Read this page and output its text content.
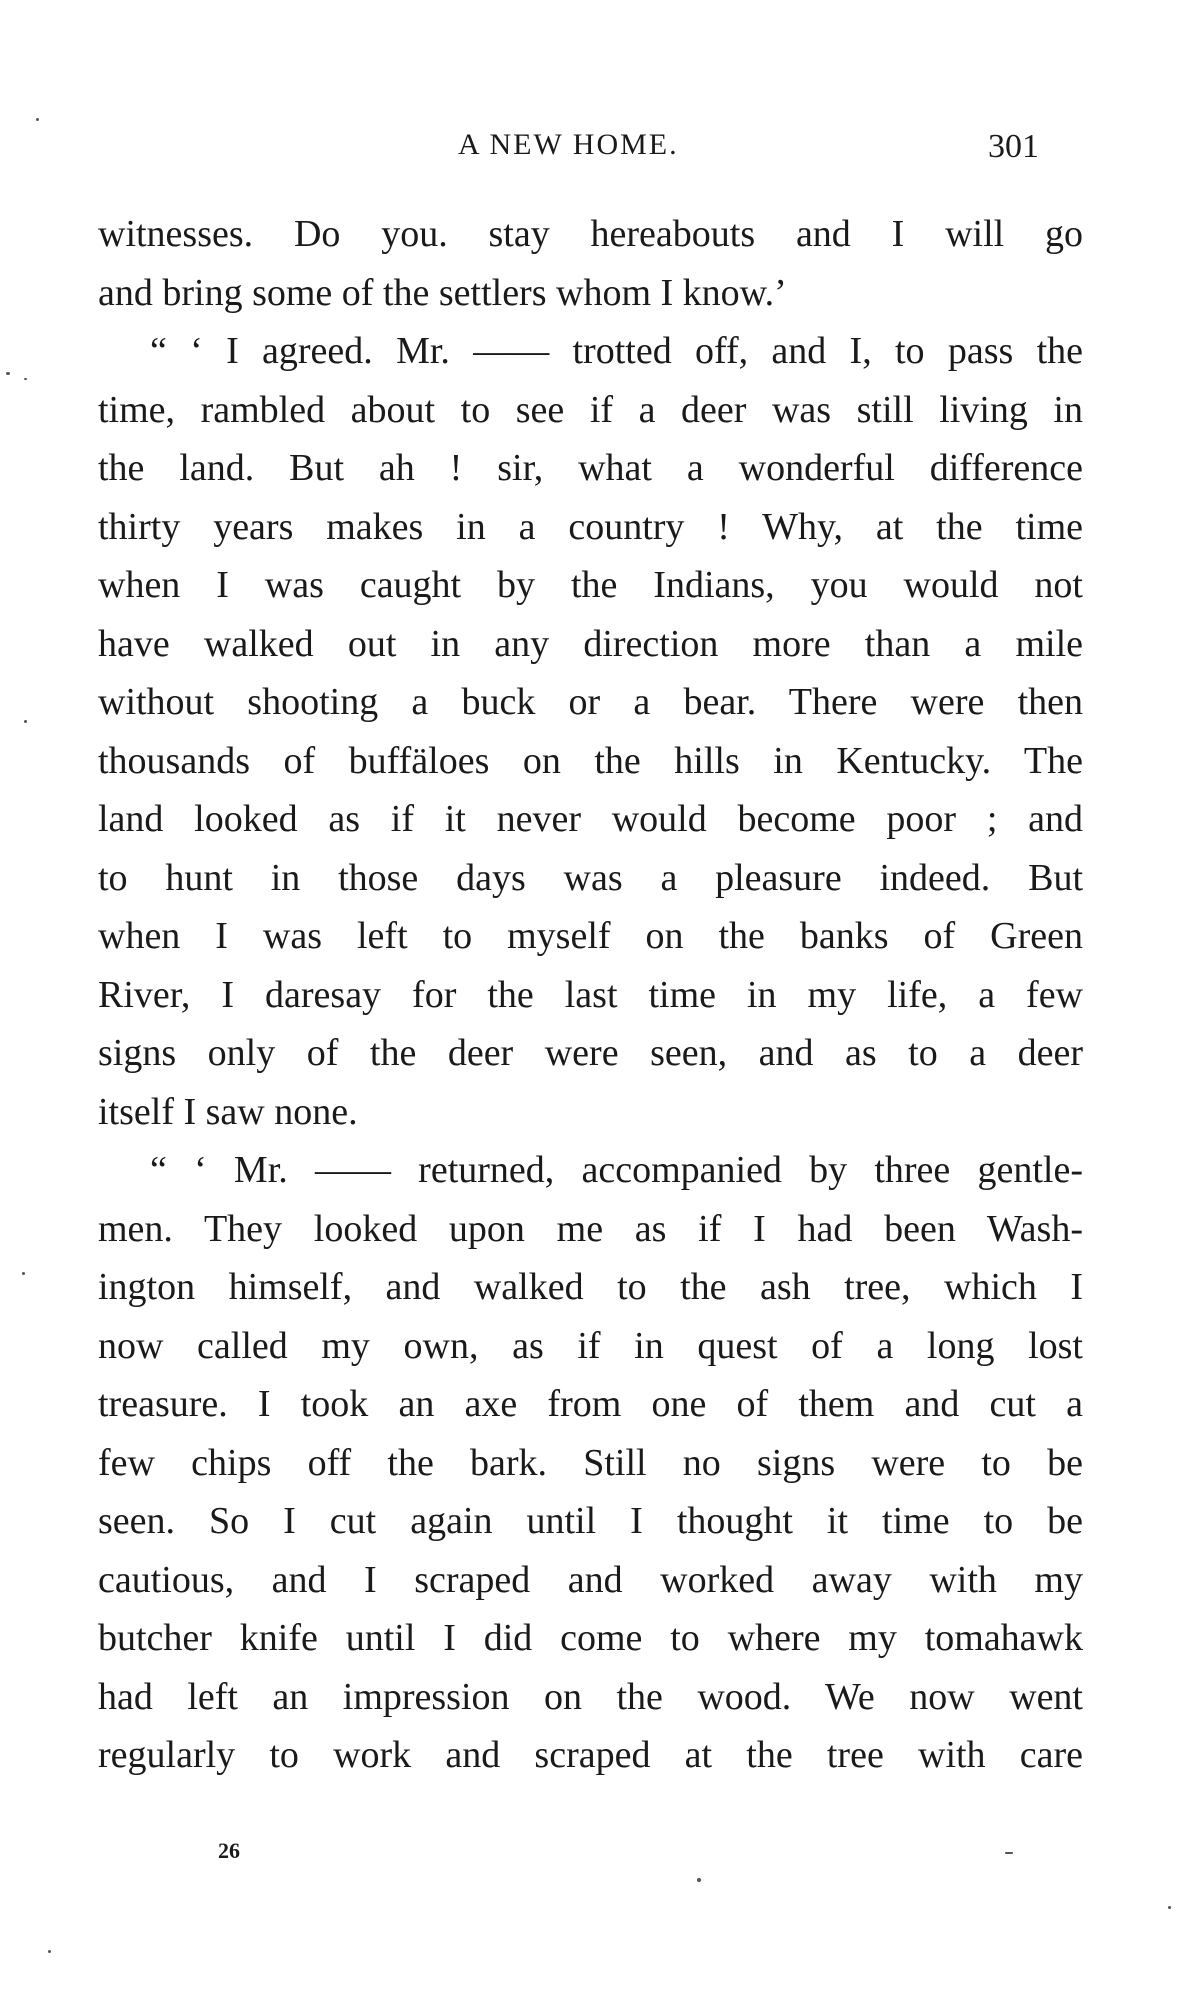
A NEW HOME.	301
witnesses. Do you. stay hereabouts and I will go
and bring some of the settlers whom I know.’
“ ‘ I agreed. Mr. —— trotted off, and I, to pass the
time, rambled about to see if a deer was still living in
the land. But ah ! sir, what a wonderful difference
thirty years makes in a country ! Why, at the time
when I was caught by the Indians, you would not
have walked out in any direction more than a mile
without shooting a buck or a bear. There were then
thousands of buffäloes on the hills in Kentucky. The
land looked as if it never would become poor ; and
to hunt in those days was a pleasure indeed. But
when I was left to myself on the banks of Green
River, I daresay for the last time in my life, a few
signs only of the deer were seen, and as to a deer
itself I saw none.
“ ‘ Mr. —— returned, accompanied by three gentle-
men. They looked upon me as if I had been Wash-
ington himself, and walked to the ash tree, which I
now called my own, as if in quest of a long lost
treasure. I took an axe from one of them and cut a
few chips off the bark. Still no signs were to be
seen. So I cut again until I thought it time to be
cautious, and I scraped and worked away with my
butcher knife until I did come to where my tomahawk
had left an impression on the wood. We now went
regularly to work and scraped at the tree with care
26
